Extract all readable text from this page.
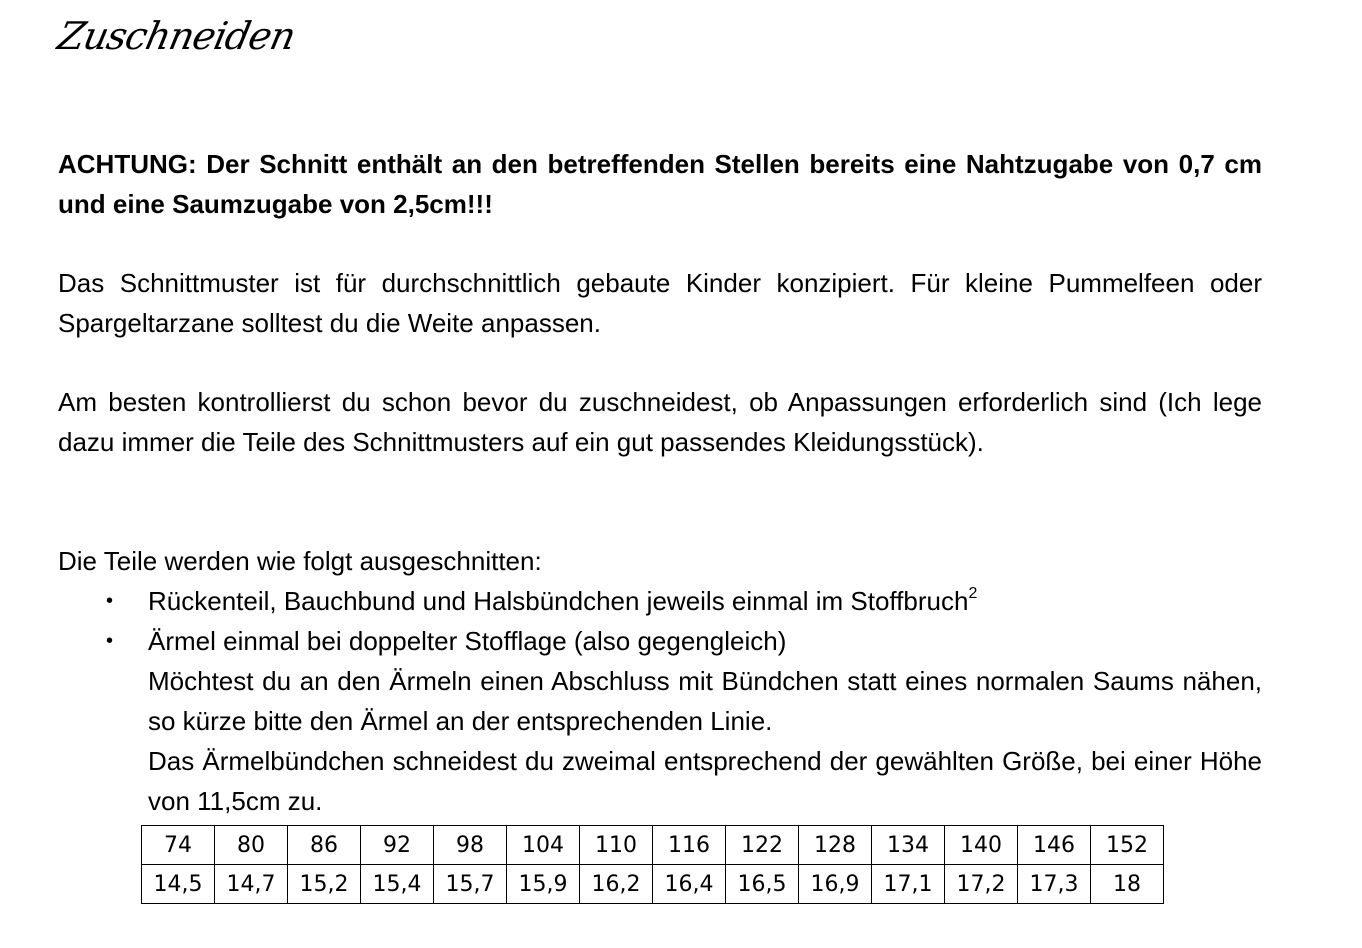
Zuschneiden

ACHTUNG: Der Schnitt enthält an den betreffenden Stellen bereits eine Nahtzugabe von 0,7 cm und eine Saumzugabe von 2,5cm!!!

Das Schnittmuster ist für durchschnittlich gebaute Kinder konzipiert. Für kleine Pummelfeen oder Spargeltarzane solltest du die Weite anpassen.

Am besten kontrollierst du schon bevor du zuschneidest, ob Anpassungen erforderlich sind (Ich lege dazu immer die Teile des Schnittmusters auf ein gut passendes Kleidungsstück).

Die Teile werden wie folgt ausgeschnitten:

• Rückenteil, Bauchbund und Halsbündchen jeweils einmal im Stoffbruch$^2$
• Ärmel einmal bei doppelter Stofflage (also gegengleich)
Möchtest du an den Ärmeln einen Abschluss mit Bündchen statt eines normalen Saums nähen, so kürze bitte den Ärmel an der entsprechenden Linie.
Das Ärmelbündchen schneidest du zweimal entsprechend der gewählten Größe, bei einer Höhe von 11,5cm zu.
74	80	86	92	98	104	110	116	122	128	134	140	146	152
14,5	14,7	15,2	15,4	15,7	15,9	16,2	16,4	16,5	16,9	17,1	17,2	17,3	18
